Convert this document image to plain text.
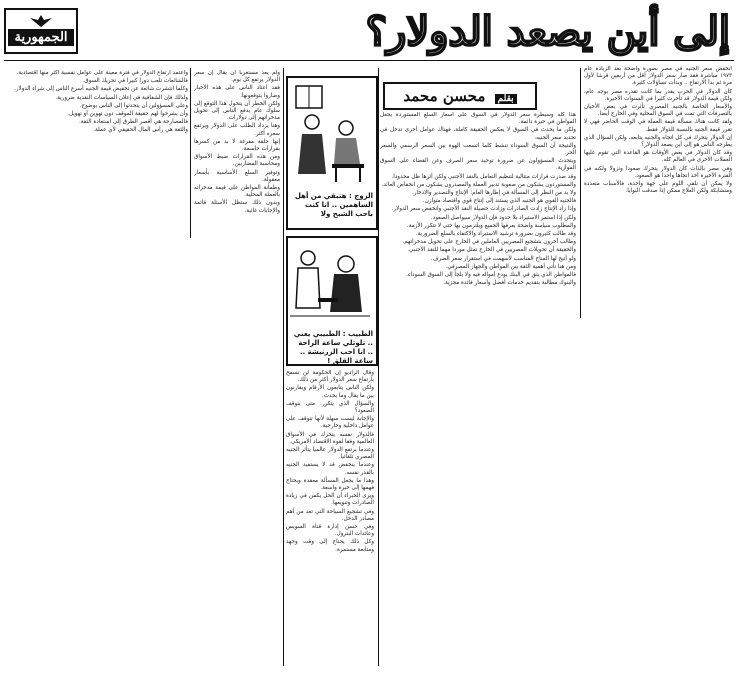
الجمهورية	إلى أين يصعد الدولار؟

انخفض سعر الجنيه في مصر بصورة واضحة بعد الزيادة عام ١٩٧٣ مباشرة فقد صار سعر الدولار أقل من أربعين قرشا لأول مرة ثم بدأ الارتفاع .. وبدأت تساؤلات كثيرة.

كان الدولار في الحرب يقدر بما كانت تقدره مصر بوجه عام، ولكن قيمة الدولار قد تأخرت كثيرا في السنوات الأخيرة.

والأسعار الخاصة بالجنيه المصري تأثرت في بعض الأحيان بالتصرفات التي تمت في السوق المحلية وفي الخارج أيضا.

ولقد كانت هناك مسألة قيمة العملة في الوقت الحاضر فهي لا تقرر قيمة الجنيه بالنسبة للدولار فقط.

إن الدولار يتحرك في كل اتجاه والجنيه يتابعه، ولكن السؤال الذي يطرحه الناس هو إلى أين يصعد الدولار؟

وقد كان الدولار في بعض الأوقات هو القاعدة التي تقوم عليها العملات الأخرى في العالم كله.

وفي مصر بالذات كان الدولار يتحرك صعودا ونزولا ولكنه في الفترة الأخيرة أخذ اتجاها واحدا هو الصعود.

ولا يمكن أن نلقي اللوم على جهة واحدة، فالأسباب متعددة ومتشابكة ولكن العلاج ممكن إذا صدقت النوايا.

بقلم محسن محمد

هذا كله وسيطرة سعر الدولار في السوق على أسعار السلع المستوردة يجعل المواطن في حيرة دائمة.

ولكن ما يحدث في السوق لا يعكس الحقيقة كاملة، فهناك عوامل أخرى تدخل في تحديد سعر الجنيه.

والنتيجة أن السوق السوداء تنشط كلما اتسعت الهوة بين السعر الرسمي والسعر الحر.

ويتحدث المسؤولون عن ضرورة توحيد سعر الصرف وعن القضاء على السوق الموازية.

وقد صدرت قرارات متتالية لتنظيم التعامل بالنقد الأجنبي ولكن أثرها ظل محدودا.

والمستوردون يشكون من صعوبة تدبير العملة والمصدرون يشكون من انخفاض العائد.

ولا بد من النظر إلى المسألة في إطارها العام: الإنتاج والتصدير والادخار.

فالجنيه القوي هو الجنيه الذي يستند إلى إنتاج قوي واقتصاد متوازن.

وإذا زاد الإنتاج زادت الصادرات وزادت حصيلة النقد الأجنبي وانخفض سعر الدولار.

ولكن إذا استمر الاستيراد بلا حدود فإن الدولار سيواصل الصعود.

والمطلوب سياسة واضحة يعرفها الجميع ويلتزمون بها حتى لا تتكرر الأزمة.

وقد طالب كثيرون بضرورة ترشيد الاستيراد والاكتفاء بالسلع الضرورية.

وطالب آخرون بتشجيع المصريين العاملين في الخارج على تحويل مدخراتهم.

والحقيقة أن تحويلات المصريين في الخارج تمثل موردا مهما للنقد الأجنبي.

ولو أتيح لها المناخ المناسب لأسهمت في استقرار سعر الصرف.

ومن هنا تأتي أهمية الثقة بين المواطن والجهاز المصرفي.

فالمواطن الذي يثق في البنك يودع أمواله فيه ولا يلجأ إلى السوق السوداء.

والبنوك مطالبة بتقديم خدمات أفضل وأسعار فائدة مجزية.

الزوج : هتبقي من أهل الساهمين .. انا كنت باحب الشبح ولا
الطبيب : الطبيبي يعني .. تلوتلي ساعة الراحة .. انا احب الزرنيشة .. ساعة القلق !

وقال الراديو إن الحكومة لن تسمح بارتفاع سعر الدولار أكثر من ذلك.

ولكن الناس يتابعون الأرقام ويقارنون بين ما يقال وما يحدث.

والسؤال الذي يتكرر: متى يتوقف الصعود؟

والإجابة ليست سهلة لأنها تتوقف على عوامل داخلية وخارجية.

فالدولار نفسه يتحرك في الأسواق العالمية وفقا لقوة الاقتصاد الأمريكي.

وعندما يرتفع الدولار عالميا يتأثر الجنيه المصري تلقائيا.

وعندما ينخفض قد لا يستفيد الجنيه بالقدر نفسه.

وهذا ما يجعل المسألة معقدة ويحتاج فهمها إلى خبرة واسعة.

ويرى الخبراء أن الحل يكمن في زيادة الصادرات وتنويعها.

وفي تشجيع السياحة التي تعد من أهم مصادر الدخل.

وفي حسن إدارة قناة السويس وعائدات البترول.

وكل ذلك يحتاج إلى وقت وجهد ومتابعة مستمرة.

ولم يعد مستغربا أن يقال إن سعر الدولار يرتفع كل يوم.

فقد اعتاد الناس على هذه الأخبار وصاروا يتوقعونها.

ولكن الخطر أن يتحول هذا التوقع إلى سلوك عام يدفع الناس إلى تحويل مدخراتهم إلى دولارات.

وهنا يزداد الطلب على الدولار ويرتفع سعره أكثر.

إنها حلقة مفرغة لا بد من كسرها بقرارات حاسمة.

ومن هذه القرارات ضبط الأسواق ومحاسبة المضاربين.

وتوفير السلع الأساسية بأسعار معقولة.

وطمأنة المواطن على قيمة مدخراته بالعملة المحلية.

وبدون ذلك ستظل الأسئلة قائمة والإجابات غائبة.

واعتمد ارتفاع الدولار في فترة معينة على عوامل نفسية أكثر منها اقتصادية.

فالشائعات تلعب دورا كبيرا في تحريك السوق.

وكلما انتشرت شائعة عن تخفيض قيمة الجنيه أسرع الناس إلى شراء الدولار.

ولذلك فإن الشفافية في إعلان السياسات النقدية ضرورية.

وعلى المسؤولين أن يتحدثوا إلى الناس بوضوح.

وأن يشرحوا لهم حقيقة الموقف دون تهوين أو تهويل.

فالمصارحة هي أقصر الطرق إلى استعادة الثقة.

والثقة هي رأس المال الحقيقي لأي عملة.
